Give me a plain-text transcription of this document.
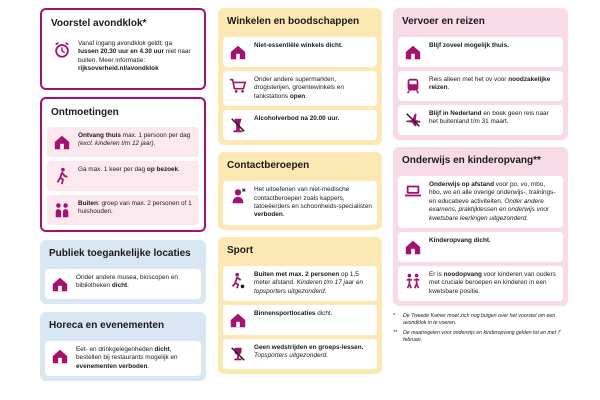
Voorstel avondklok*
Vanaf ingang avondklok geldt: ga tussen 20.30 uur en 4.30 uur niet naar buiten. Meer informatie: rijksoverheid.nl/avondklok
Ontmoetingen
Ontvang thuis max. 1 persoon per dag (excl. kinderen t/m 12 jaar).
Ga max. 1 keer per dag op bezoek.
Buiten: groep van max. 2 personen of 1 huishouden.
Publiek toegankelijke locaties
Onder andere musea, bioscopen en bibliotheken dicht.
Horeca en evenementen
Eet- en drinkgelegenheden dicht, bestellen bij restaurants mogelijk en evenementen verboden.
Winkelen en boodschappen
Niet-essentiële winkels dicht.
Onder andere supermarkten, drogisterijen, groentewinkels en tankstations open.
Alcoholverbod na 20.00 uur.
Contactberoepen
Het uitoefenen van niet-medische contactberoepen zoals kappers, tatoeëerders en schoonheids-specialisten verboden.
Sport
Buiten met max. 2 personen op 1,5 meter afstand. Kinderen t/m 17 jaar en topsporters uitgezonderd.
Binnensportlocaties dicht.
Geen wedstrijden en groeps-lessen. Topsporters uitgezonderd.
Vervoer en reizen
Blijf zoveel mogelijk thuis.
Reis alleen met het ov voor noodzakelijke reizen.
Blijf in Nederland en boek geen reis naar het buitenland t/m 31 maart.
Onderwijs en kinderopvang**
Onderwijs op afstand voor po, vo, mbo, hbo, wo en alle overige onderwijs-, trainings- en educatieve activiteiten. Onder andere examens, praktijklessen en onderwijs voor kwetsbare leerlingen uitgezonderd.
Kinderopvang dicht.
Er is noodopvang voor kinderen van ouders met cruciale beroepen en kinderen in een kwetsbare positie.
*	De Tweede Kamer moet zich nog buigen over het voorstel om een avondklok in te voeren.
**	De maatregelen voor onderwijs en kinderopvang gelden tot en met 7 februari.
